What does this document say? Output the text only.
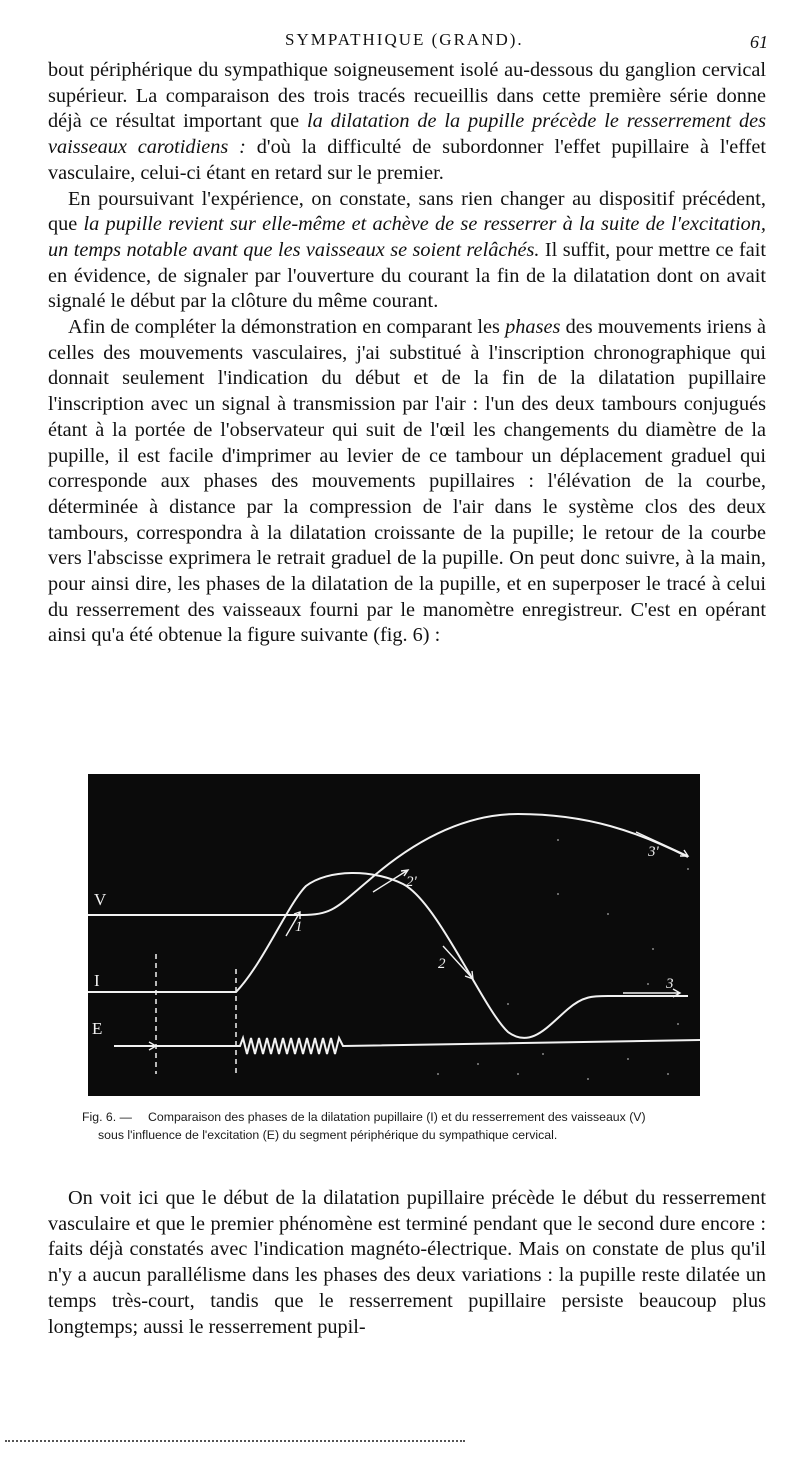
SYMPATHIQUE (GRAND).	61

bout périphérique du sympathique soigneusement isolé au-dessous du ganglion cervical supérieur. La comparaison des trois tracés recueillis dans cette première série donne déjà ce résultat important que la dilatation de la pupille précède le resserrement des vaisseaux carotidiens : d'où la difficulté de subordonner l'effet pupillaire à l'effet vasculaire, celui-ci étant en retard sur le premier.

En poursuivant l'expérience, on constate, sans rien changer au dispositif précédent, que la pupille revient sur elle-même et achève de se resserrer à la suite de l'excitation, un temps notable avant que les vaisseaux se soient relâchés. Il suffit, pour mettre ce fait en évidence, de signaler par l'ouverture du courant la fin de la dilatation dont on avait signalé le début par la clôture du même courant.

Afin de compléter la démonstration en comparant les phases des mouvements iriens à celles des mouvements vasculaires, j'ai substitué à l'inscription chronographique qui donnait seulement l'indication du début et de la fin de la dilatation pupillaire l'inscription avec un signal à transmission par l'air : l'un des deux tambours conjugués étant à la portée de l'observateur qui suit de l'œil les changements du diamètre de la pupille, il est facile d'imprimer au levier de ce tambour un déplacement graduel qui corresponde aux phases des mouvements pupillaires : l'élévation de la courbe, déterminée à distance par la compression de l'air dans le système clos des deux tambours, correspondra à la dilatation croissante de la pupille; le retour de la courbe vers l'abscisse exprimera le retrait graduel de la pupille. On peut donc suivre, à la main, pour ainsi dire, les phases de la dilatation de la pupille, et en superposer le tracé à celui du resserrement des vaisseaux fourni par le manomètre enregistreur. C'est en opérant ainsi qu'a été obtenue la figure suivante (fig. 6) :

V
I
E
1
2'
2
3'
3
Fig. 6. —	Comparaison des phases de la dilatation pupillaire (I) et du resserrement des vaisseaux (V)
sous l'influence de l'excitation (E) du segment périphérique du sympathique cervical.

On voit ici que le début de la dilatation pupillaire précède le début du resserrement vasculaire et que le premier phénomène est terminé pendant que le second dure encore : faits déjà constatés avec l'indication magnéto-électrique. Mais on constate de plus qu'il n'y a aucun parallélisme dans les phases des deux variations : la pupille reste dilatée un temps très-court, tandis que le resserrement pupillaire persiste beaucoup plus longtemps; aussi le resserrement pupil-
